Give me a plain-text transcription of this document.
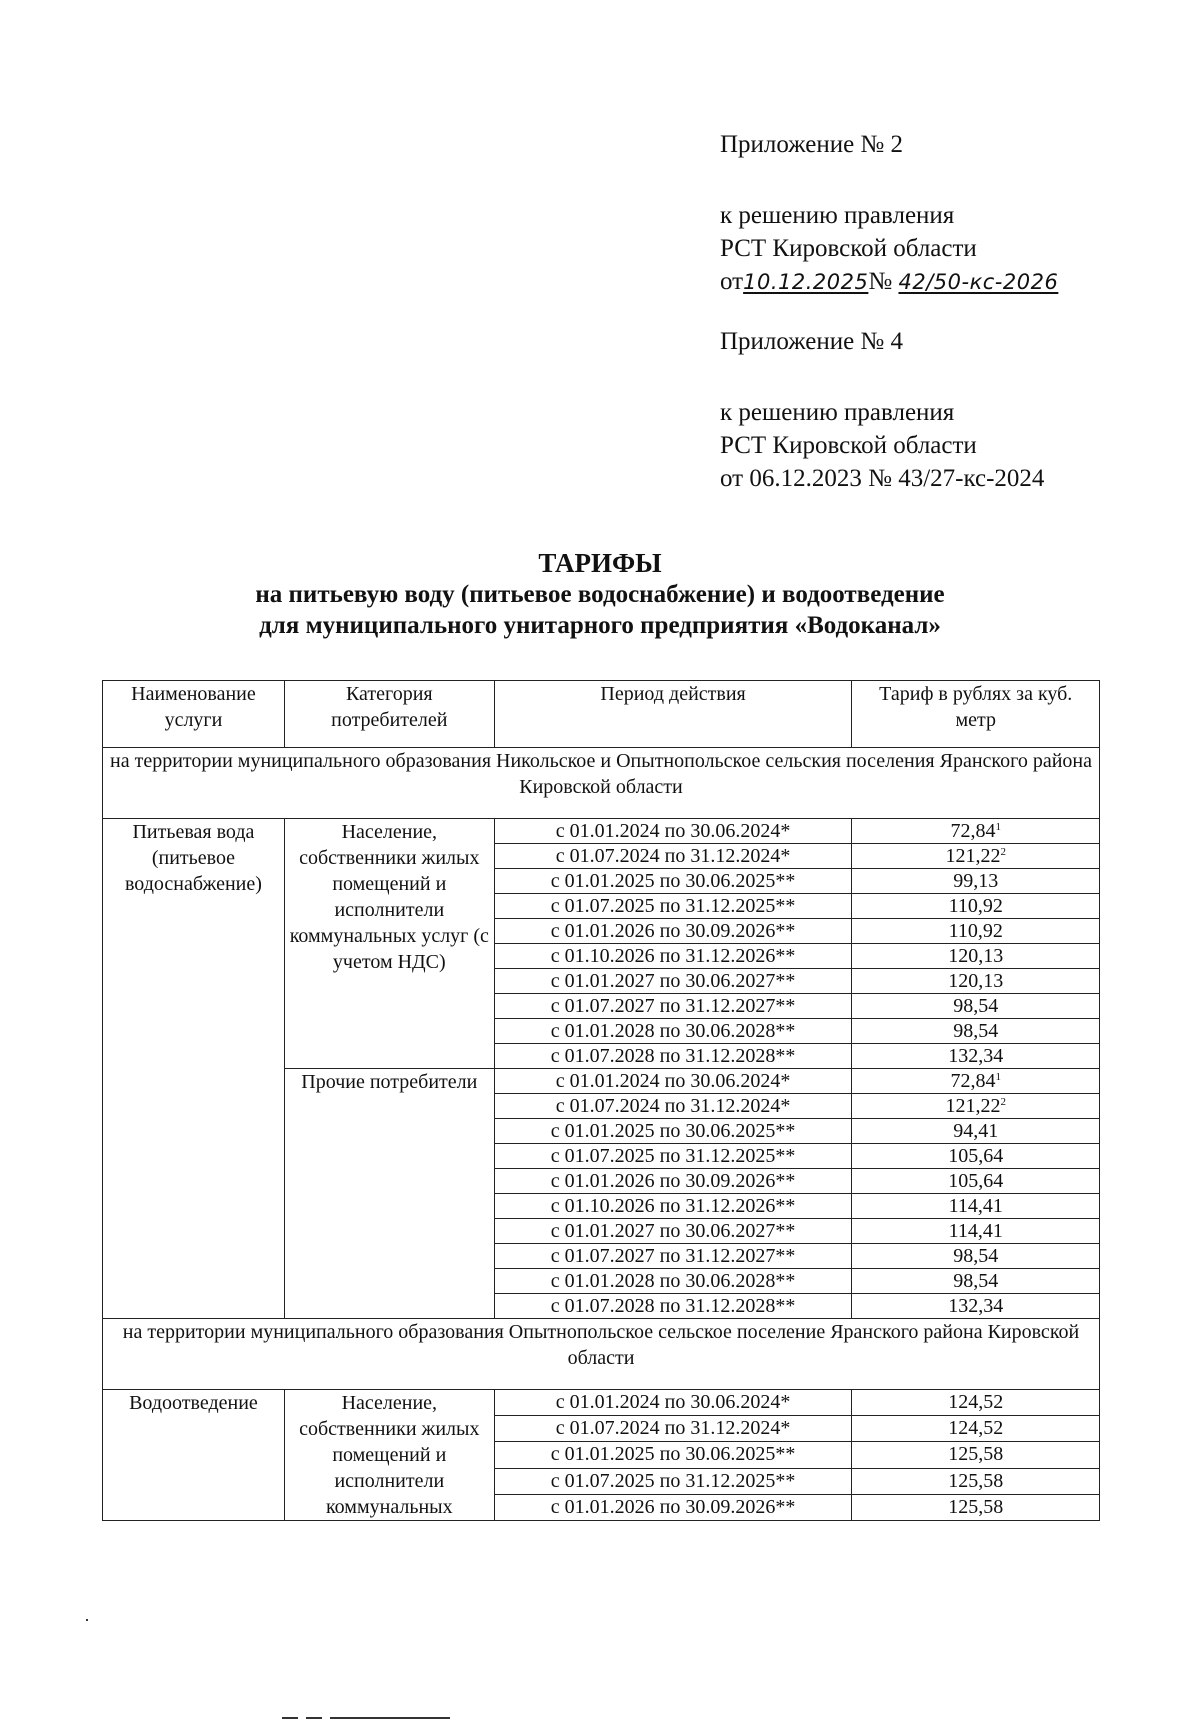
Приложение № 2
к решению правления
РСТ Кировской области
от10.12.2025№ 42/50-кс-2026
Приложение № 4
к решению правления
РСТ Кировской области
от 06.12.2023 № 43/27-кс-2024
ТАРИФЫ
на питьевую воду (питьевое водоснабжение) и водоотведение
для муниципального унитарного предприятия «Водоканал»
Наименование услуги	Категория потребителей	Период действия	Тариф в рублях за куб. метр
на территории муниципального образования Никольское и Опытнопольское сельския поселения Яранского района Кировской области			
Питьевая вода (питьевое водоснабжение)	Население, собственники жилых помещений и исполнители коммунальных услуг (с учетом НДС)	с 01.01.2024 по 30.06.2024*	72,84$^1$
		с 01.07.2024 по 31.12.2024*	121,22$^2$
		с 01.01.2025 по 30.06.2025**	99,13
		с 01.07.2025 по 31.12.2025**	110,92
		с 01.01.2026 по 30.09.2026**	110,92
		с 01.10.2026 по 31.12.2026**	120,13
		с 01.01.2027 по 30.06.2027**	120,13
		с 01.07.2027 по 31.12.2027**	98,54
		с 01.01.2028 по 30.06.2028**	98,54
		с 01.07.2028 по 31.12.2028**	132,34
	Прочие потребители	с 01.01.2024 по 30.06.2024*	72,84$^1$
		с 01.07.2024 по 31.12.2024*	121,22$^2$
		с 01.01.2025 по 30.06.2025**	94,41
		с 01.07.2025 по 31.12.2025**	105,64
		с 01.01.2026 по 30.09.2026**	105,64
		с 01.10.2026 по 31.12.2026**	114,41
		с 01.01.2027 по 30.06.2027**	114,41
		с 01.07.2027 по 31.12.2027**	98,54
		с 01.01.2028 по 30.06.2028**	98,54
		с 01.07.2028 по 31.12.2028**	132,34
на территории муниципального образования Опытнопольское сельское поселение Яранского района Кировской области			
Водоотведение	Население, собственники жилых помещений и исполнители коммунальных	с 01.01.2024 по 30.06.2024*	124,52
		с 01.07.2024 по 31.12.2024*	124,52
		с 01.01.2025 по 30.06.2025**	125,58
		с 01.07.2025 по 31.12.2025**	125,58
		с 01.01.2026 по 30.09.2026**	125,58
